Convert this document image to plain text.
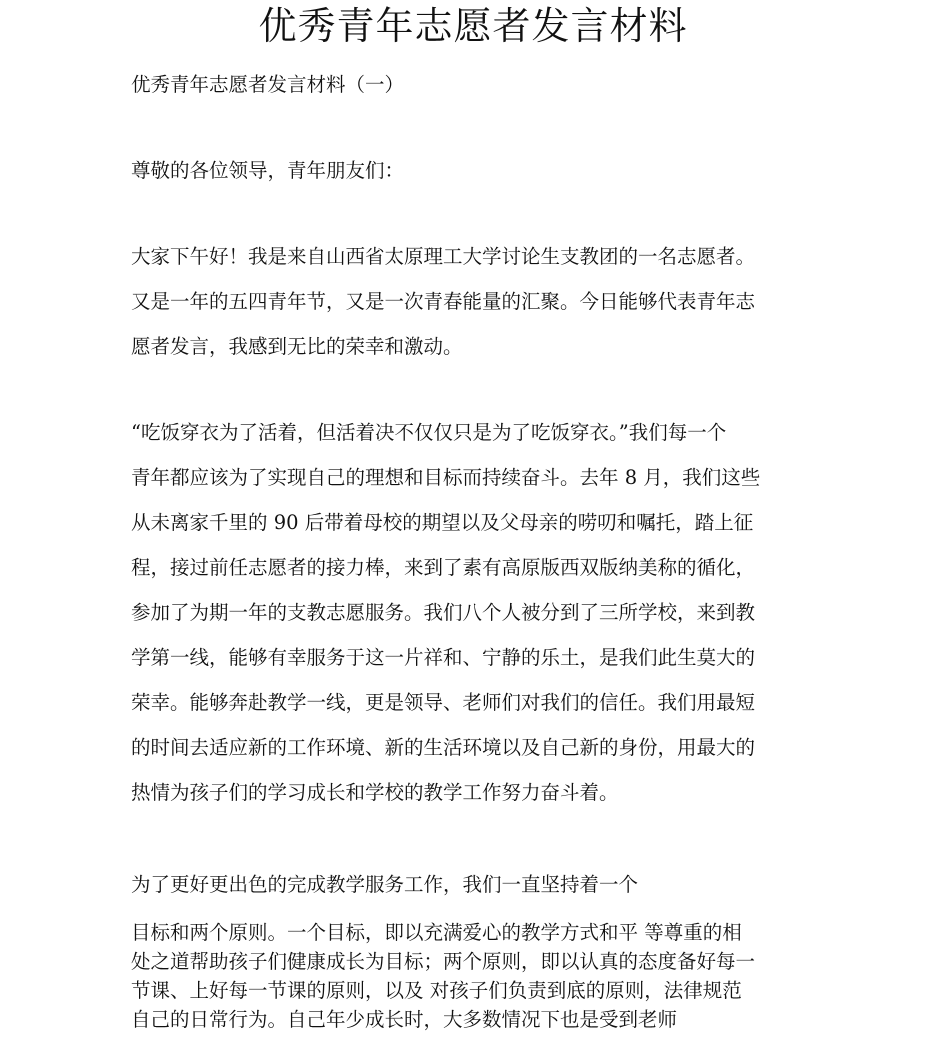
优秀青年志愿者发言材料
优秀青年志愿者发言材料（一）
尊敬的各位领导，青年朋友们：
大家下午好！我是来自山西省太原理工大学讨论生支教团的一名志愿者。
又是一年的五四青年节，又是一次青春能量的汇聚。今日能够代表青年志
愿者发言，我感到无比的荣幸和激动。
“吃饭穿衣为了活着，但活着决不仅仅只是为了吃饭穿衣。”我们每一个
青年都应该为了实现自己的理想和目标而持续奋斗。去年 8 月，我们这些
从未离家千里的 90 后带着母校的期望以及父母亲的唠叨和嘱托，踏上征
程，接过前任志愿者的接力棒，来到了素有高原版西双版纳美称的循化，
参加了为期一年的支教志愿服务。我们八个人被分到了三所学校，来到教
学第一线，能够有幸服务于这一片祥和、宁静的乐土，是我们此生莫大的
荣幸。能够奔赴教学一线，更是领导、老师们对我们的信任。我们用最短
的时间去适应新的工作环境、新的生活环境以及自己新的身份，用最大的
热情为孩子们的学习成长和学校的教学工作努力奋斗着。
为了更好更出色的完成教学服务工作，我们一直坚持着一个
目标和两个原则。一个目标，即以充满爱心的教学方式和平 等尊重的相
处之道帮助孩子们健康成长为目标；两个原则，即以认真的态度备好每一
节课、上好每一节课的原则，以及 对孩子们负责到底的原则，法律规范
自己的日常行为。自己年少成长时，大多数情况下也是受到老师
